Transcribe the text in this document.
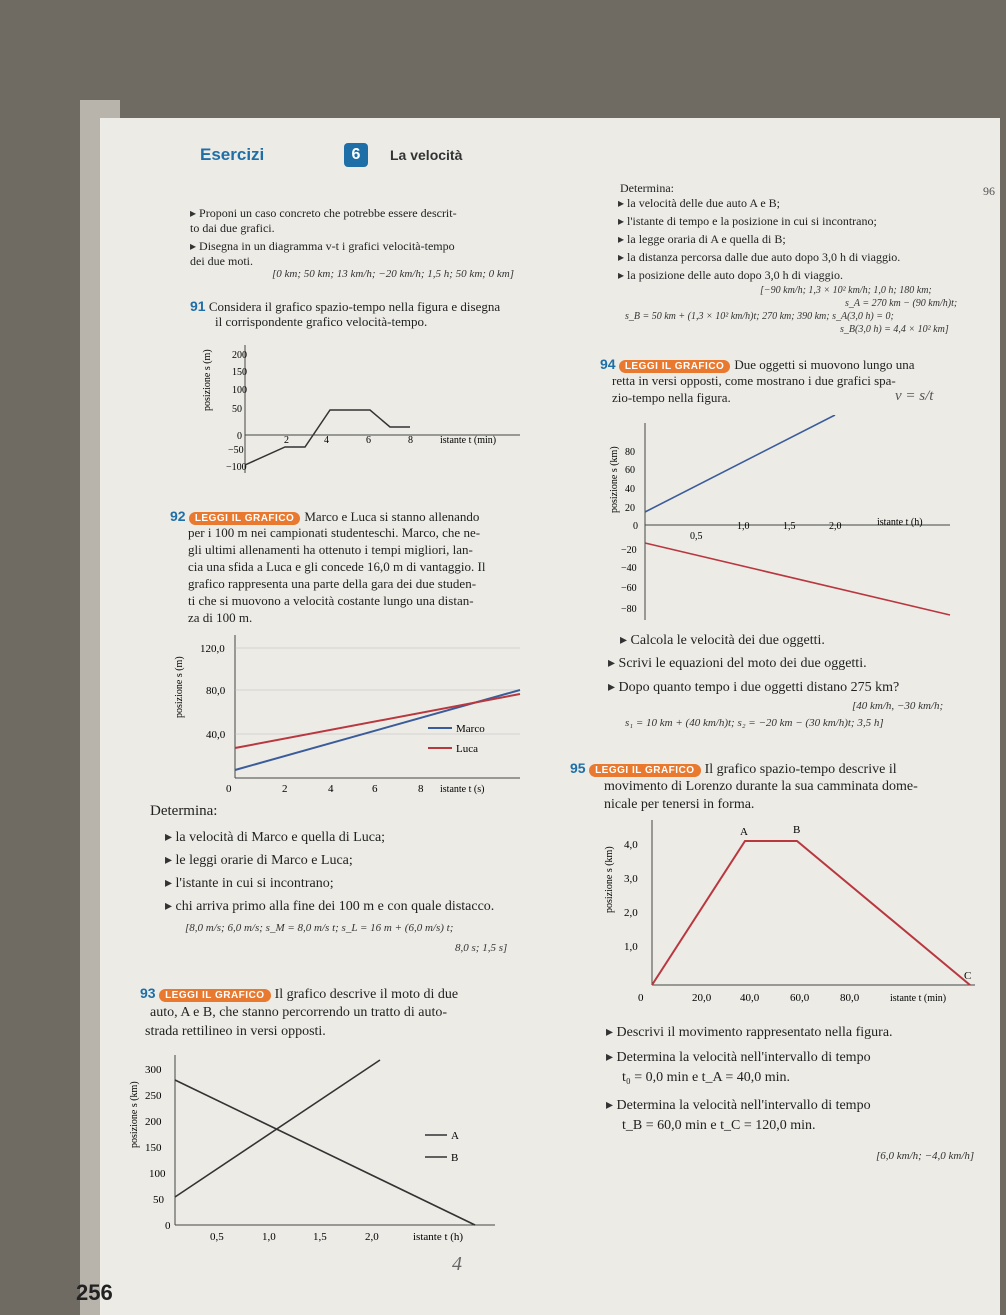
Esercizi	6	La velocità
▸ Proponi un caso concreto che potrebbe essere descrit-
to dai due grafici.
▸ Disegna in un diagramma v-t i grafici velocità-tempo
dei due moti.
[0 km; 50 km; 13 km/h; −20 km/h; 1,5 h; 50 km; 0 km]
91 Considera il grafico spazio-tempo nella figura e disegna
il corrispondente grafico velocità-tempo.
posizione s (m) 200
150
100
50
0
−50
−100
2	4	6	8	istante t (min)
92 LEGGI IL GRAFICO Marco e Luca si stanno allenando
per i 100 m nei campionati studenteschi. Marco, che ne-
gli ultimi allenamenti ha ottenuto i tempi migliori, lan-
cia una sfida a Luca e gli concede 16,0 m di vantaggio. Il
grafico rappresenta una parte della gara dei due studen-
ti che si muovono a velocità costante lungo una distan-
za di 100 m.
posizione s (m)
120,0
80,0
40,0
0	2	4	6	8 istante t (s)
Marco
Luca
Determina:
▸ la velocità di Marco e quella di Luca;
▸ le leggi orarie di Marco e Luca;
▸ l'istante in cui si incontrano;
▸ chi arriva primo alla fine dei 100 m e con quale distacco.
[8,0 m/s; 6,0 m/s; s_M = 8,0 m/s t; s_L = 16 m + (6,0 m/s) t;
8,0 s; 1,5 s]
93 LEGGI IL GRAFICO Il grafico descrive il moto di due
auto, A e B, che stanno percorrendo un tratto di auto-
strada rettilineo in versi opposti.
posizione s (km)
300
250
200
150
100
50
0
0,5	1,0	1,5	2,0	istante t (h)
A
B
256
Determina:
▸ la velocità delle due auto A e B;
▸ l'istante di tempo e la posizione in cui si incontrano;
▸ la legge oraria di A e quella di B;
▸ la distanza percorsa dalle due auto dopo 3,0 h di viaggio.
▸ la posizione delle auto dopo 3,0 h di viaggio.
[−90 km/h; 1,3 × 10² km/h; 1,0 h; 180 km;
s_A = 270 km − (90 km/h)t;
s_B = 50 km + (1,3 × 10² km/h)t; 270 km; 390 km; s_A(3,0 h) = 0;
s_B(3,0 h) = 4,4 × 10² km]
96
94 LEGGI IL GRAFICO Due oggetti si muovono lungo una
retta in versi opposti, come mostrano i due grafici spa-
zio-tempo nella figura.	v = s/t
posizione s (km) 80
60
40
20
0
−20
−40
−60
−80
0,5
1,0	1,5	2,0	istante t (h)
▸ Calcola le velocità dei due oggetti.
▸ Scrivi le equazioni del moto dei due oggetti.
▸ Dopo quanto tempo i due oggetti distano 275 km?
[40 km/h, −30 km/h;
s₁ = 10 km + (40 km/h)t; s₂ = −20 km − (30 km/h)t; 3,5 h]
95 LEGGI IL GRAFICO Il grafico spazio-tempo descrive il
movimento di Lorenzo durante la sua camminata dome-
nicale per tenersi in forma.
posizione s (km)
4,0
3,0
2,0
1,0
0	20,0	40,0	60,0	80,0	istante t (min)
A	B
C
▸ Descrivi il movimento rappresentato nella figura.
▸ Determina la velocità nell'intervallo di tempo
t₀ = 0,0 min e t_A = 40,0 min.
▸ Determina la velocità nell'intervallo di tempo
t_B = 60,0 min e t_C = 120,0 min.
[6,0 km/h; −4,0 km/h]
4
